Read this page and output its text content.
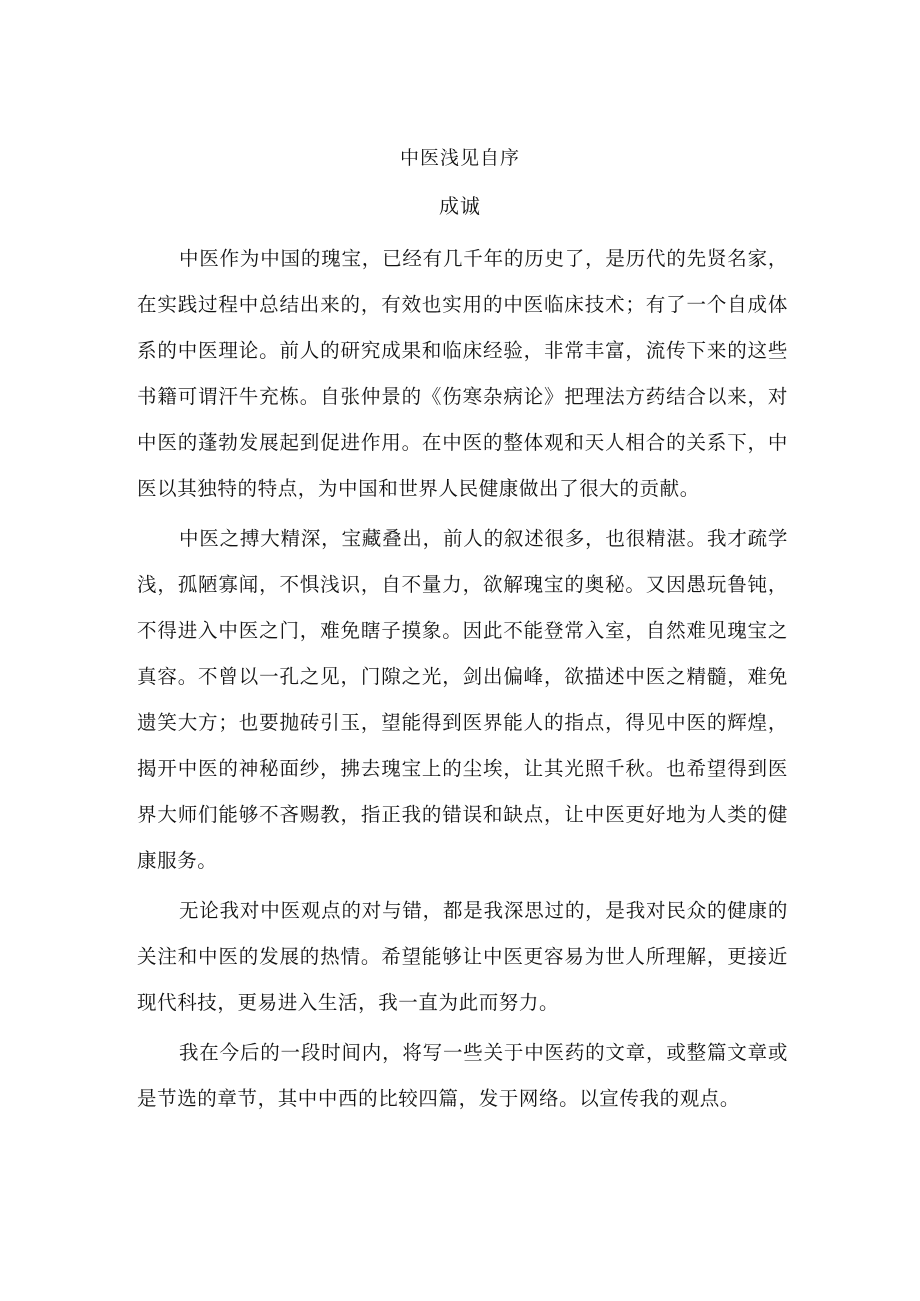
中医浅见自序
成诚

中医作为中国的瑰宝，已经有几千年的历史了，是历代的先贤名家，在实践过程中总结出来的，有效也实用的中医临床技术；有了一个自成体系的中医理论。前人的研究成果和临床经验，非常丰富，流传下来的这些书籍可谓汗牛充栋。自张仲景的《伤寒杂病论》把理法方药结合以来，对中医的蓬勃发展起到促进作用。在中医的整体观和天人相合的关系下，中医以其独特的特点，为中国和世界人民健康做出了很大的贡献。

中医之搏大精深，宝藏叠出，前人的叙述很多，也很精湛。我才疏学浅，孤陋寡闻，不惧浅识，自不量力，欲解瑰宝的奥秘。又因愚玩鲁钝，不得进入中医之门，难免瞎子摸象。因此不能登常入室，自然难见瑰宝之真容。不曾以一孔之见，门隙之光，剑出偏峰，欲描述中医之精髓，难免遗笑大方；也要抛砖引玉，望能得到医界能人的指点，得见中医的辉煌，揭开中医的神秘面纱，拂去瑰宝上的尘埃，让其光照千秋。也希望得到医界大师们能够不吝赐教，指正我的错误和缺点，让中医更好地为人类的健康服务。

无论我对中医观点的对与错，都是我深思过的，是我对民众的健康的关注和中医的发展的热情。希望能够让中医更容易为世人所理解，更接近现代科技，更易进入生活，我一直为此而努力。

我在今后的一段时间内，将写一些关于中医药的文章，或整篇文章或是节选的章节，其中中西的比较四篇，发于网络。以宣传我的观点。
